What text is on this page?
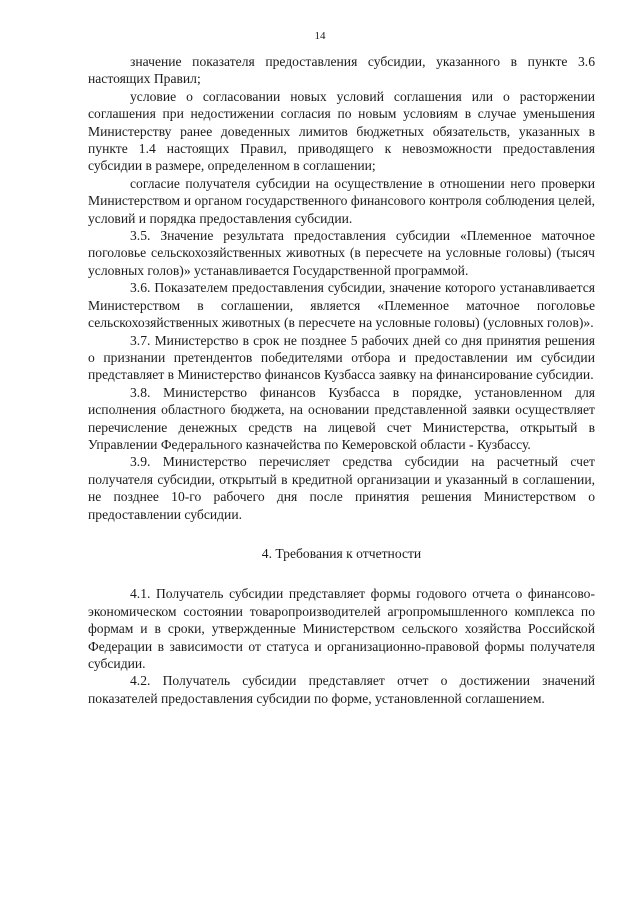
14

значение показателя предоставления субсидии, указанного в пункте 3.6 настоящих Правил;

условие о согласовании новых условий соглашения или о расторжении соглашения при недостижении согласия по новым условиям в случае уменьшения Министерству ранее доведенных лимитов бюджетных обязательств, указанных в пункте 1.4 настоящих Правил, приводящего к невозможности предоставления субсидии в размере, определенном в соглашении;

согласие получателя субсидии на осуществление в отношении него проверки Министерством и органом государственного финансового контроля соблюдения целей, условий и порядка предоставления субсидии.

3.5. Значение результата предоставления субсидии «Племенное маточное поголовье сельскохозяйственных животных (в пересчете на условные головы) (тысяч условных голов)» устанавливается Государственной программой.

3.6. Показателем предоставления субсидии, значение которого устанавливается Министерством в соглашении, является «Племенное маточное поголовье сельскохозяйственных животных (в пересчете на условные головы) (условных голов)».

3.7. Министерство в срок не позднее 5 рабочих дней со дня принятия решения о признании претендентов победителями отбора и предоставлении им субсидии представляет в Министерство финансов Кузбасса заявку на финансирование субсидии.

3.8. Министерство финансов Кузбасса в порядке, установленном для исполнения областного бюджета, на основании представленной заявки осуществляет перечисление денежных средств на лицевой счет Министерства, открытый в Управлении Федерального казначейства по Кемеровской области - Кузбассу.

3.9. Министерство перечисляет средства субсидии на расчетный счет получателя субсидии, открытый в кредитной организации и указанный в соглашении, не позднее 10-го рабочего дня после принятия решения Министерством о предоставлении субсидии.

4. Требования к отчетности

4.1. Получатель субсидии представляет формы годового отчета о финансово-экономическом состоянии товаропроизводителей агропромышленного комплекса по формам и в сроки, утвержденные Министерством сельского хозяйства Российской Федерации в зависимости от статуса и организационно-правовой формы получателя субсидии.

4.2. Получатель субсидии представляет отчет о достижении значений показателей предоставления субсидии по форме, установленной соглашением.
